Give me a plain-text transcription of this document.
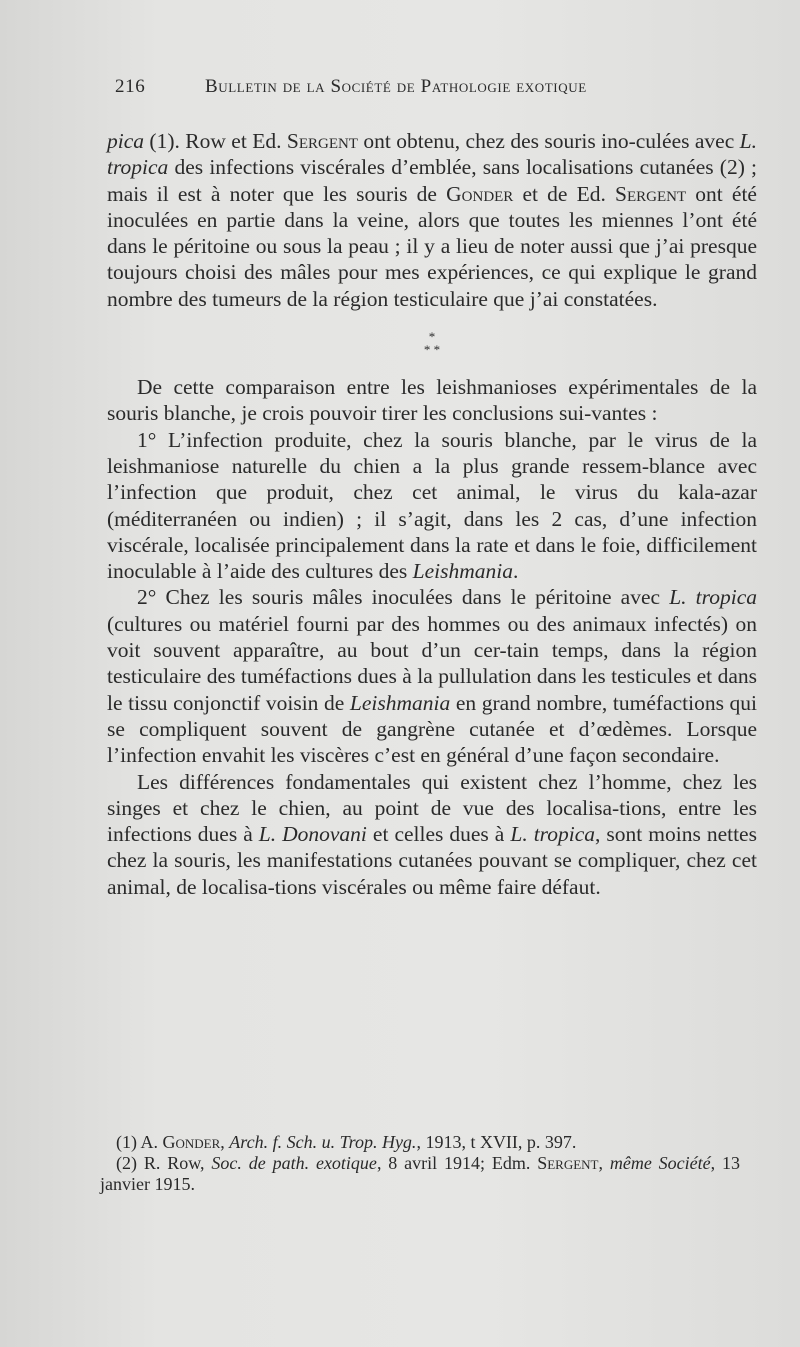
216	Bulletin de la Société de Pathologie exotique

pica (1). Row et Ed. Sergent ont obtenu, chez des souris ino-culées avec L. tropica des infections viscérales d’emblée, sans localisations cutanées (2) ; mais il est à noter que les souris de Gonder et de Ed. Sergent ont été inoculées en partie dans la veine, alors que toutes les miennes l’ont été dans le péritoine ou sous la peau ; il y a lieu de noter aussi que j’ai presque toujours choisi des mâles pour mes expériences, ce qui explique le grand nombre des tumeurs de la région testiculaire que j’ai constatées.

*
* *

De cette comparaison entre les leishmanioses expérimentales de la souris blanche, je crois pouvoir tirer les conclusions sui-vantes :

1° L’infection produite, chez la souris blanche, par le virus de la leishmaniose naturelle du chien a la plus grande ressem-blance avec l’infection que produit, chez cet animal, le virus du kala-azar (méditerranéen ou indien) ; il s’agit, dans les 2 cas, d’une infection viscérale, localisée principalement dans la rate et dans le foie, difficilement inoculable à l’aide des cultures des Leishmania.

2° Chez les souris mâles inoculées dans le péritoine avec L. tropica (cultures ou matériel fourni par des hommes ou des animaux infectés) on voit souvent apparaître, au bout d’un cer-tain temps, dans la région testiculaire des tuméfactions dues à la pullulation dans les testicules et dans le tissu conjonctif voisin de Leishmania en grand nombre, tuméfactions qui se compliquent souvent de gangrène cutanée et d’œdèmes. Lorsque l’infection envahit les viscères c’est en général d’une façon secondaire.

Les différences fondamentales qui existent chez l’homme, chez les singes et chez le chien, au point de vue des localisa-tions, entre les infections dues à L. Donovani et celles dues à L. tropica, sont moins nettes chez la souris, les manifestations cutanées pouvant se compliquer, chez cet animal, de localisa-tions viscérales ou même faire défaut.

(1) A. Gonder, Arch. f. Sch. u. Trop. Hyg., 1913, t XVII, p. 397.

(2) R. Row, Soc. de path. exotique, 8 avril 1914; Edm. Sergent, même Société, 13 janvier 1915.
